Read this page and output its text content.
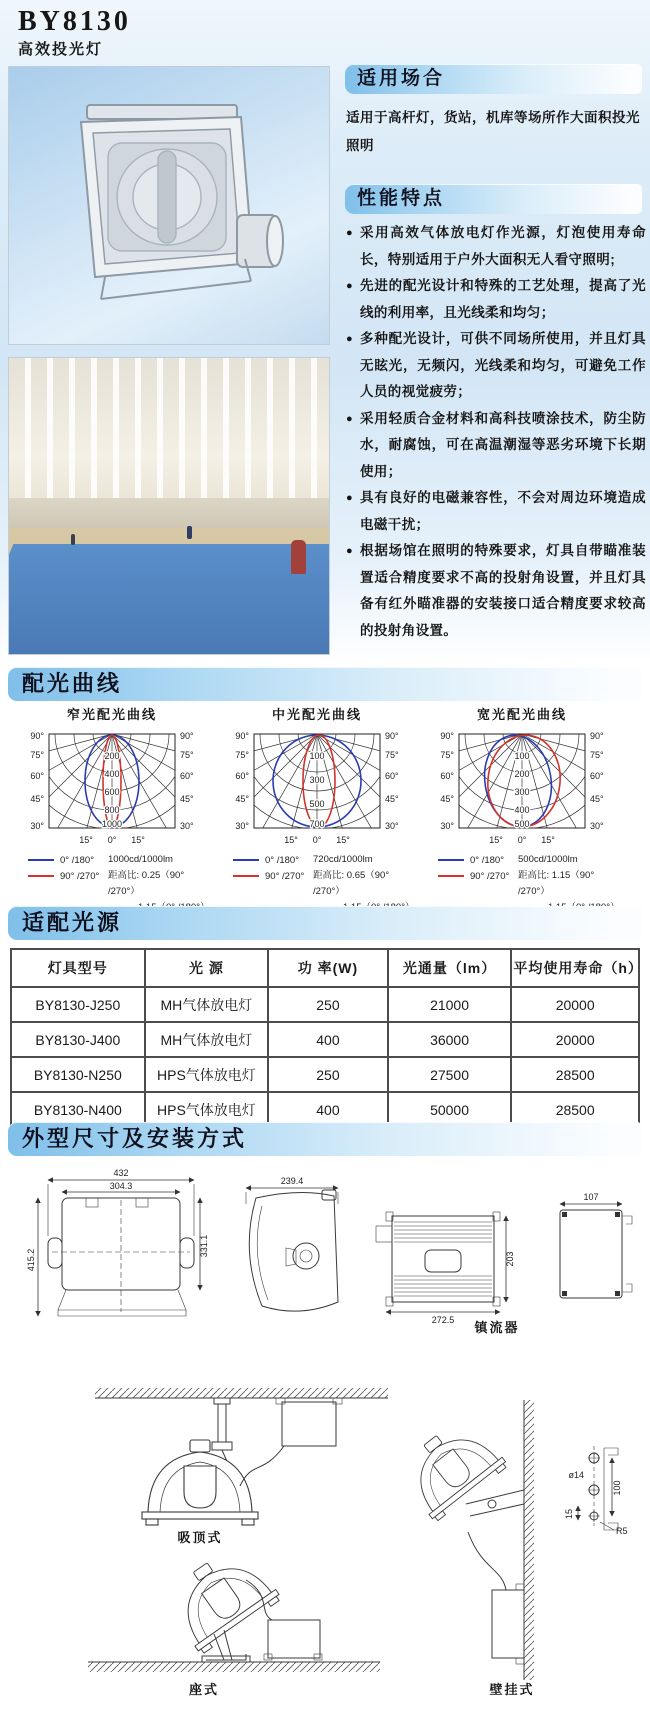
BY8130
高效投光灯
适用场合
适用于高杆灯，货站，机库等场所作大面积投光照明
性能特点
● 采用高效气体放电灯作光源，灯泡使用寿命长，特别适用于户外大面积无人看守照明;
● 先进的配光设计和特殊的工艺处理，提高了光线的利用率，且光线柔和均匀；
● 多种配光设计，可供不同场所使用，并且灯具无眩光，无频闪，光线柔和均匀，可避免工作人员的视觉疲劳；
● 采用轻质合金材料和高科技喷涂技术，防尘防水，耐腐蚀，可在高温潮湿等恶劣环境下长期使用；
● 具有良好的电磁兼容性，不会对周边环境造成电磁干扰；
● 根据场馆在照明的特殊要求，灯具自带瞄准装置适合精度要求不高的投射角设置，并且灯具备有红外瞄准器的安装接口适合精度要求较高的投射角设置。
配光曲线
窄光配光曲线
200
400
600
800
1000
0° /180°
90° /270°
1000cd/1000lm
距高比: 0.25（90° /270°）
中光配光曲线
100
300
500
700
0° /180°
90° /270°
720cd/1000lm
距高比: 0.65（90° /270°）
宽光配光曲线
100
200
300
400
500
0° /180°
90° /270°
500cd/1000lm
距高比: 1.15（90° /270°）
适配光源
灯具型号	光 源	功 率(W)	光通量（lm）	平均使用寿命（h）
BY8130-J250	MH气体放电灯	250	21000	20000
BY8130-J400	MH气体放电灯	400	36000	20000
BY8130-N250	HPS气体放电灯	250	27500	28500
BY8130-N400	HPS气体放电灯	400	50000	28500
外型尺寸及安装方式
432
304.3
415.2
331.1
239.4
272.5
203
107
镇流器
吸顶式
座式	壁挂式
100
ø14
15
R5
